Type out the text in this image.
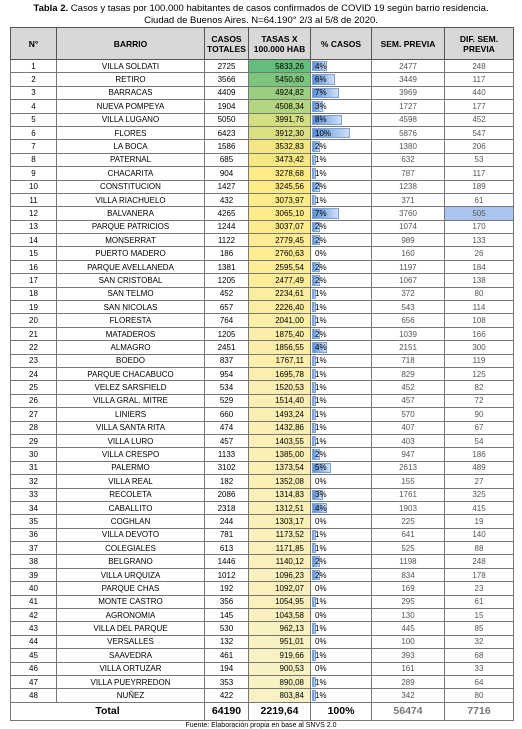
Tabla 2. Casos y tasas por 100.000 habitantes de casos confirmados de COVID 19 según barrio residencia.
Ciudad de Buenos Aires. N=64.190° 2/3 al 5/8 de 2020.
N°	BARRIO	CASOS TOTALES	TASAS X 100.000 HAB	% CASOS	SEM. PREVIA	DIF. SEM. PREVIA
1	VILLA SOLDATI	2725	5833,26	4%	2477	248
2	RETIRO	3566	5450,60	6%	3449	117
3	BARRACAS	4409	4924,82	7%	3969	440
4	NUEVA POMPEYA	1904	4508,34	3%	1727	177
5	VILLA LUGANO	5050	3991,76	8%	4598	452
6	FLORES	6423	3912,30	10%	5876	547
7	LA BOCA	1586	3532,83	2%	1380	206
8	PATERNAL	685	3473,42	1%	632	53
9	CHACARITA	904	3278,68	1%	787	117
10	CONSTITUCION	1427	3245,56	2%	1238	189
11	VILLA RIACHUELO	432	3073,97	1%	371	61
12	BALVANERA	4265	3065,10	7%	3760	505
13	PARQUE PATRICIOS	1244	3037,07	2%	1074	170
14	MONSERRAT	1122	2779,45	2%	989	133
15	PUERTO MADERO	186	2760,63	0%	160	26
16	PARQUE AVELLANEDA	1381	2595,54	2%	1197	184
17	SAN CRISTOBAL	1205	2477,49	2%	1067	138
18	SAN TELMO	452	2234,61	1%	372	80
19	SAN NICOLAS	657	2226,40	1%	543	114
20	FLORESTA	764	2041,00	1%	656	108
21	MATADEROS	1205	1875,40	2%	1039	166
22	ALMAGRO	2451	1856,55	4%	2151	300
23	BOEDO	837	1767,11	1%	718	119
24	PARQUE CHACABUCO	954	1695,78	1%	829	125
25	VELEZ SARSFIELD	534	1520,53	1%	452	82
26	VILLA GRAL. MITRE	529	1514,40	1%	457	72
27	LINIERS	660	1493,24	1%	570	90
28	VILLA SANTA RITA	474	1432,86	1%	407	67
29	VILLA LURO	457	1403,55	1%	403	54
30	VILLA CRESPO	1133	1385,00	2%	947	186
31	PALERMO	3102	1373,54	5%	2613	489
32	VILLA REAL	182	1352,08	0%	155	27
33	RECOLETA	2086	1314,83	3%	1761	325
34	CABALLITO	2318	1312,51	4%	1903	415
35	COGHLAN	244	1303,17	0%	225	19
36	VILLA DEVOTO	781	1173,52	1%	641	140
37	COLEGIALES	613	1171,85	1%	525	88
38	BELGRANO	1446	1140,12	2%	1198	248
39	VILLA URQUIZA	1012	1096,23	2%	834	178
40	PARQUE CHAS	192	1092,07	0%	169	23
41	MONTE CASTRO	356	1054,95	1%	295	61
42	AGRONOMIA	145	1043,58	0%	130	15
43	VILLA DEL PARQUE	530	962,13	1%	445	85
44	VERSALLES	132	951,01	0%	100	32
45	SAAVEDRA	461	919,66	1%	393	68
46	VILLA ORTUZAR	194	900,53	0%	161	33
47	VILLA PUEYRREDON	353	890,08	1%	289	64
48	NUÑEZ	422	803,84	1%	342	80
Total		64190	2219,64	100%	56474	7716
Fuente: Elaboración propia en base al SNVS 2.0
